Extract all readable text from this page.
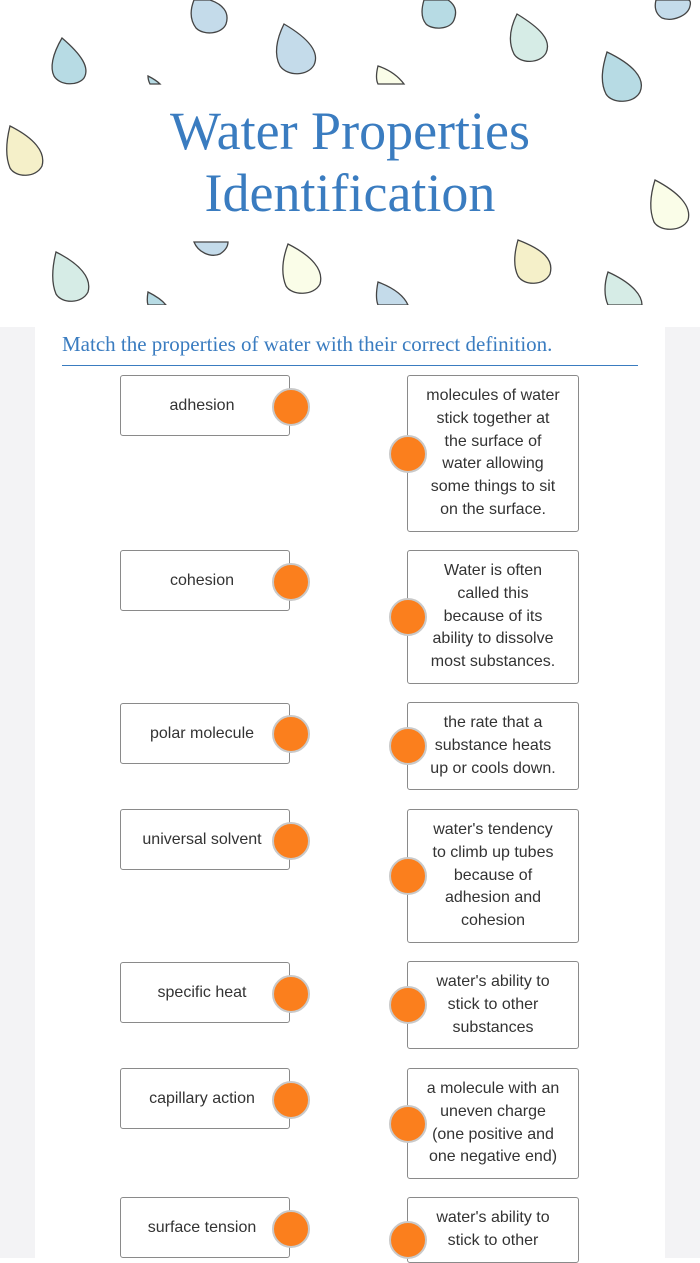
Water Properties
Identification
Match the properties of water with their correct definition.
adhesion
cohesion
polar molecule
universal solvent
specific heat
capillary action
surface tension
molecules of water
stick together at
the surface of
water allowing
some things to sit
on the surface.
Water is often
called this
because of its
ability to dissolve
most substances.
the rate that a
substance heats
up or cools down.
water's tendency
to climb up tubes
because of
adhesion and
cohesion
water's ability to
stick to other
substances
a molecule with an
uneven charge
(one positive and
one negative end)
water's ability to
stick to other
